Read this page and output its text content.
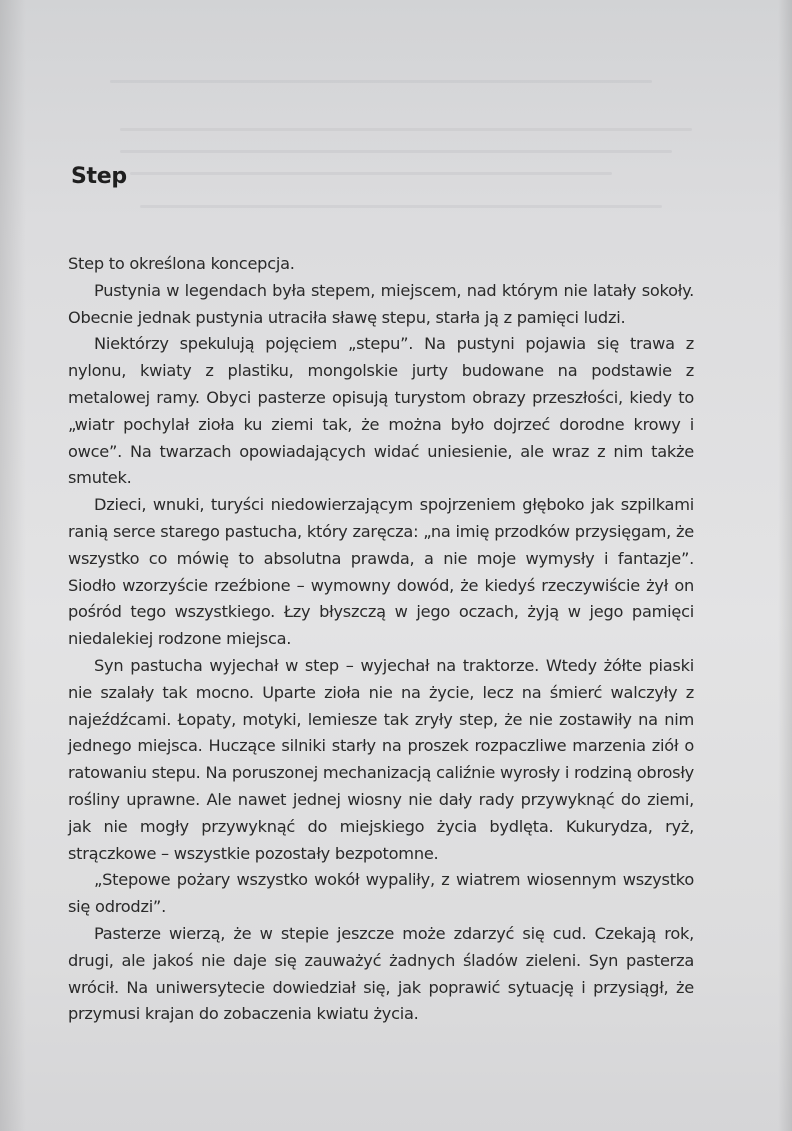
Step

Step to określona koncepcja.

Pustynia w legendach była stepem, miejscem, nad którym nie latały sokoły. Obecnie jednak pustynia utraciła sławę stepu, starła ją z pamięci ludzi.

Niektórzy spekulują pojęciem „stepu”. Na pustyni pojawia się trawa z nylonu, kwiaty z plastiku, mongolskie jurty budowane na podstawie z metalowej ramy. Obyci pasterze opisują turystom obrazy przeszłości, kiedy to „wiatr pochylał zioła ku ziemi tak, że można było dojrzeć dorodne krowy i owce”. Na twarzach opowiadających widać uniesienie, ale wraz z nim także smutek.

Dzieci, wnuki, turyści niedowierzającym spojrzeniem głęboko jak szpilkami ranią serce starego pastucha, który zaręcza: „na imię przodków przysięgam, że wszystko co mówię to absolutna prawda, a nie moje wymysły i fantazje”. Siodło wzorzyście rzeźbione – wymowny dowód, że kiedyś rzeczywiście żył on pośród tego wszystkiego. Łzy błyszczą w jego oczach, żyją w jego pamięci niedalekiej rodzone miejsca.

Syn pastucha wyjechał w step – wyjechał na traktorze. Wtedy żółte piaski nie szalały tak mocno. Uparte zioła nie na życie, lecz na śmierć walczyły z najeźdźcami. Łopaty, motyki, lemiesze tak zryły step, że nie zostawiły na nim jednego miejsca. Huczące silniki starły na proszek rozpaczliwe marzenia ziół o ratowaniu stepu. Na poruszonej mechanizacją caliźnie wyrosły i rodziną obrosły rośliny uprawne. Ale nawet jednej wiosny nie dały rady przywyknąć do ziemi, jak nie mogły przywyknąć do miejskiego życia bydlęta. Kukurydza, ryż, strączkowe – wszystkie pozostały bezpotomne.

„Stepowe pożary wszystko wokół wypaliły, z wiatrem wiosennym wszystko się odrodzi”.

Pasterze wierzą, że w stepie jeszcze może zdarzyć się cud. Czekają rok, drugi, ale jakoś nie daje się zauważyć żadnych śladów zieleni. Syn pasterza wrócił. Na uniwersytecie dowiedział się, jak poprawić sytuację i przysiągł, że przymusi krajan do zobaczenia kwiatu życia.
